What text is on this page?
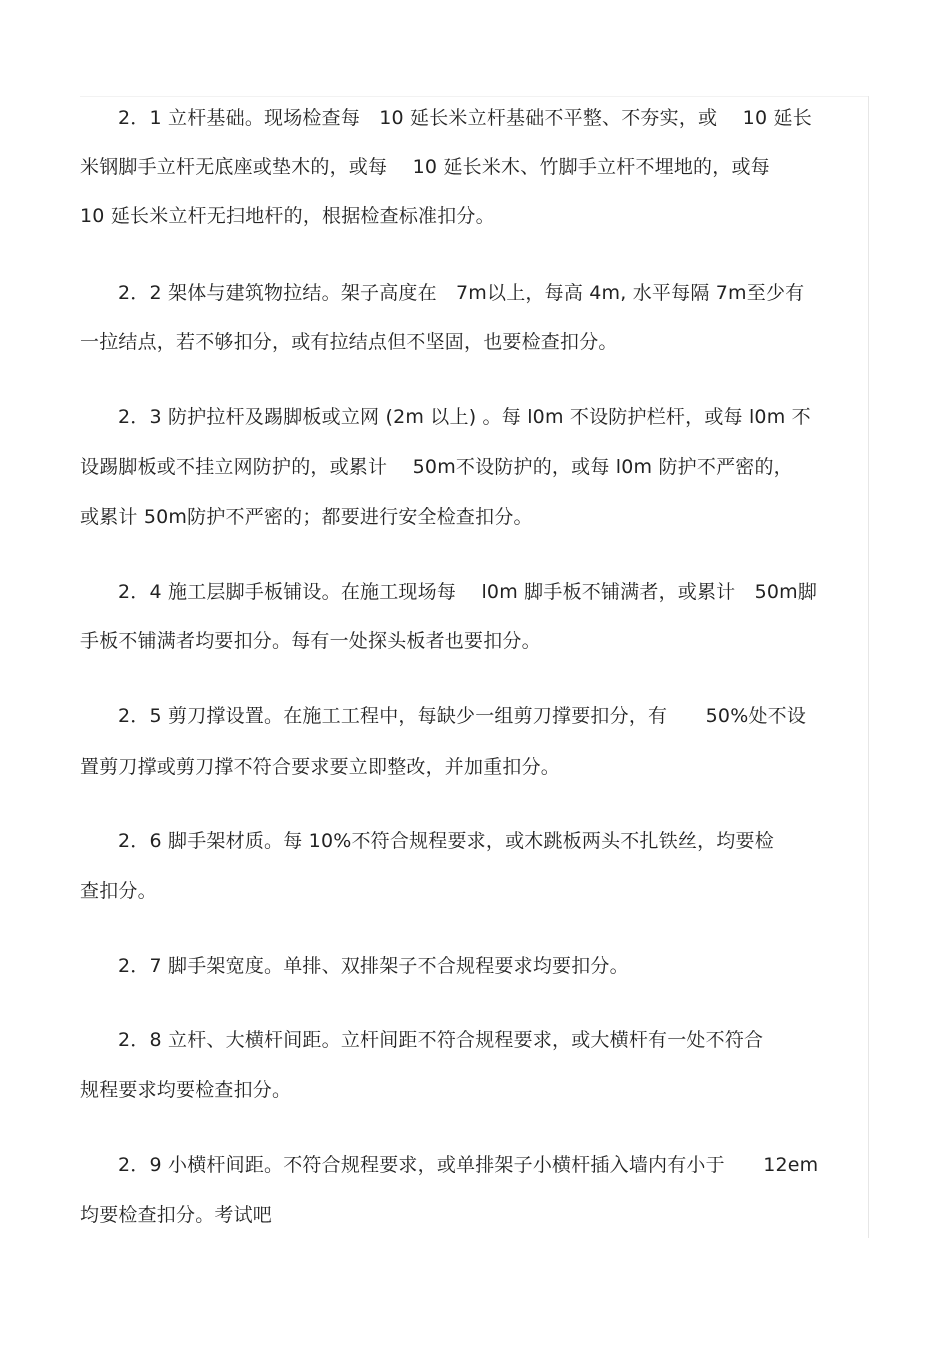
2．1 立杆基础。现场检查每　10 延长米立杆基础不平整、不夯实，或　 10 延长
米钢脚手立杆无底座或垫木的，或每　 10 延长米木、竹脚手立杆不埋地的，或每
10 延长米立杆无扫地杆的，根据检查标准扣分。
2．2 架体与建筑物拉结。架子高度在　7m以上，每高 4m, 水平每隔 7m至少有
一拉结点，若不够扣分，或有拉结点但不坚固，也要检查扣分。
2．3 防护拉杆及踢脚板或立网 (2m 以上) 。每 l0m 不设防护栏杆，或每 l0m 不
设踢脚板或不挂立网防护的，或累计　 50m不设防护的，或每 l0m 防护不严密的，
或累计 50m防护不严密的；都要进行安全检查扣分。
2．4 施工层脚手板铺设。在施工现场每　 l0m 脚手板不铺满者，或累计　50m脚
手板不铺满者均要扣分。每有一处探头板者也要扣分。
2．5 剪刀撑设置。在施工工程中，每缺少一组剪刀撑要扣分，有　　50%处不设
置剪刀撑或剪刀撑不符合要求要立即整改，并加重扣分。
2．6 脚手架材质。每 10%不符合规程要求，或木跳板两头不扎铁丝，均要检
查扣分。
2．7 脚手架宽度。单排、双排架子不合规程要求均要扣分。
2．8 立杆、大横杆间距。立杆间距不符合规程要求，或大横杆有一处不符合
规程要求均要检查扣分。
2．9 小横杆间距。不符合规程要求，或单排架子小横杆插入墙内有小于　　12em
均要检查扣分。考试吧
